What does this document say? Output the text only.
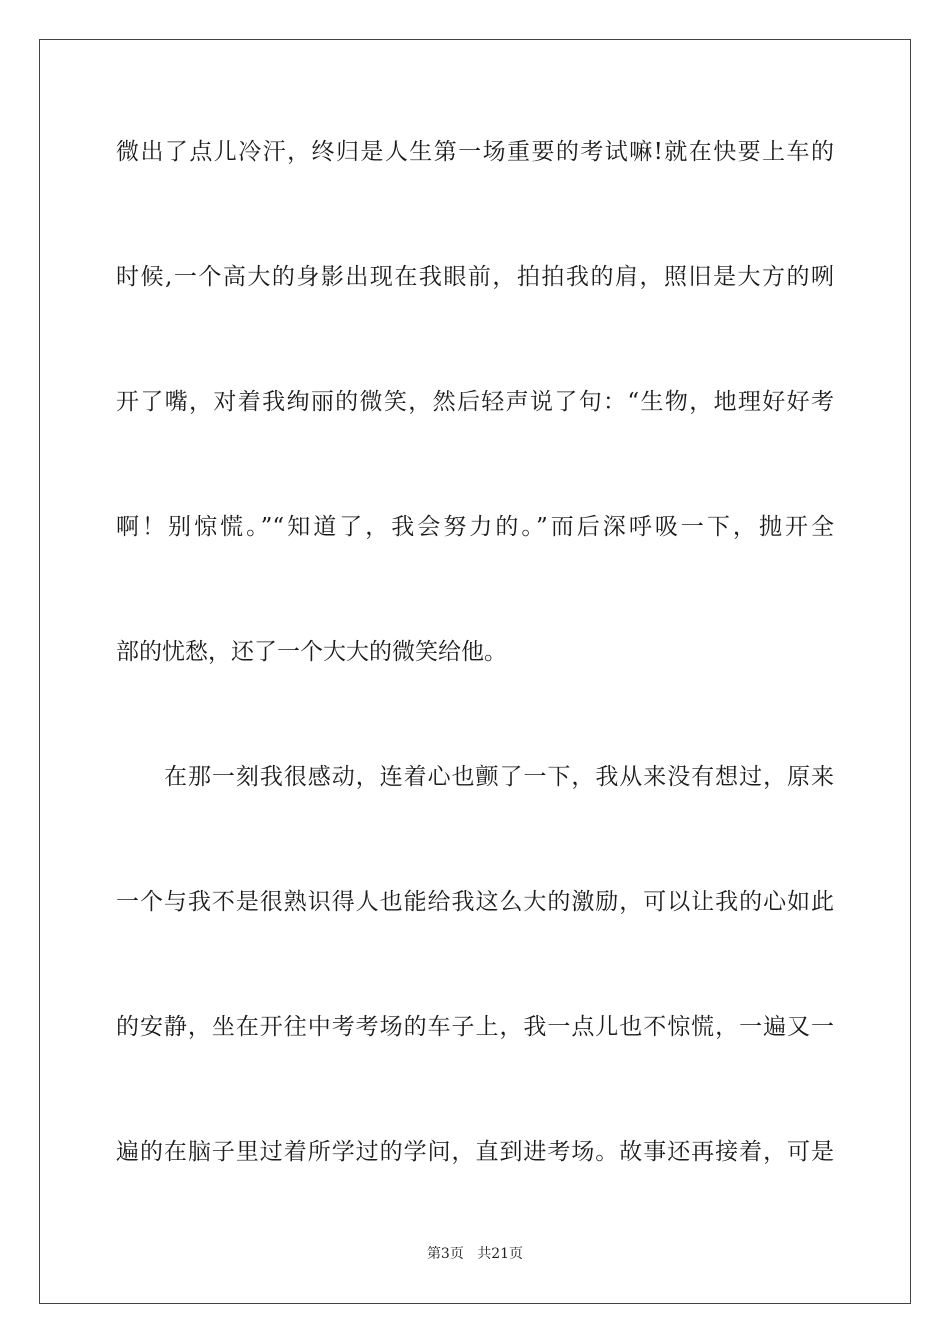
微出了点儿冷汗，终归是人生第一场重要的考试嘛!就在快要上车的
时候,一个高大的身影出现在我眼前，拍拍我的肩，照旧是大方的咧
开了嘴，对着我绚丽的微笑，然后轻声说了句：“生物，地理好好考
啊！别惊慌。”“知道了，我会努力的。”而后深呼吸一下，抛开全
部的忧愁，还了一个大大的微笑给他。
在那一刻我很感动，连着心也颤了一下，我从来没有想过，原来
一个与我不是很熟识得人也能给我这么大的激励，可以让我的心如此
的安静，坐在开往中考考场的车子上，我一点儿也不惊慌，一遍又一
遍的在脑子里过着所学过的学问，直到进考场。故事还再接着，可是
第3页 共21页
